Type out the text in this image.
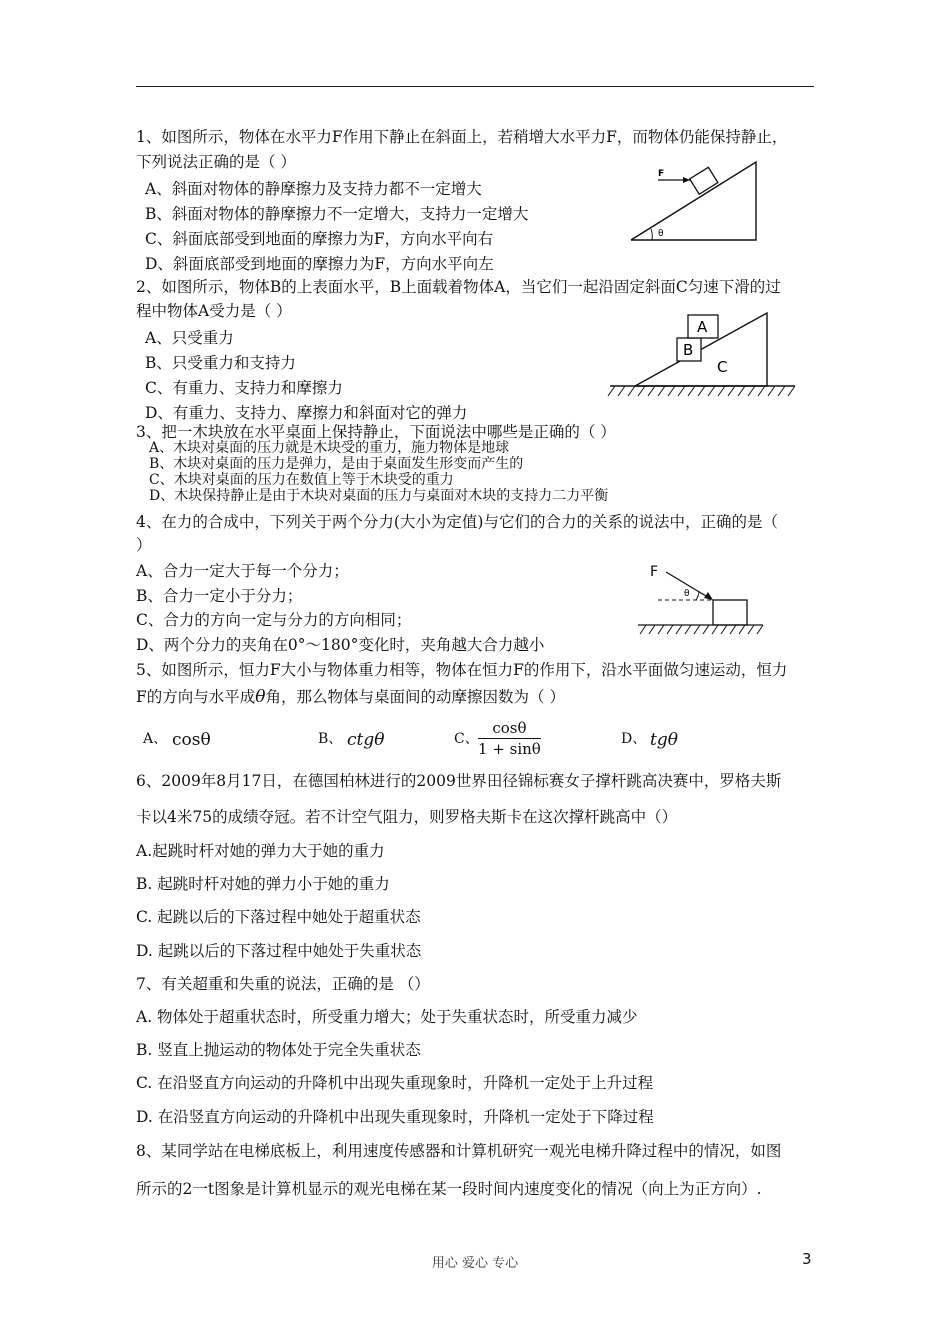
1、如图所示，物体在水平力F作用下静止在斜面上，若稍增大水平力F，而物体仍能保持静止，
下列说法正确的是（ ）
A、斜面对物体的静摩擦力及支持力都不一定增大
B、斜面对物体的静摩擦力不一定增大，支持力一定增大
C、斜面底部受到地面的摩擦力为F，方向水平向右
D、斜面底部受到地面的摩擦力为F，方向水平向左
F
θ
2、如图所示，物体B的上表面水平，B上面载着物体A，当它们一起沿固定斜面C匀速下滑的过
程中物体A受力是（ ）
A、只受重力
B、只受重力和支持力
C、有重力、支持力和摩擦力
D、有重力、支持力、摩擦力和斜面对它的弹力
A
B
C
3、把一木块放在水平桌面上保持静止，下面说法中哪些是正确的（ ）
A、木块对桌面的压力就是木块受的重力，施力物体是地球
B、木块对桌面的压力是弹力，是由于桌面发生形变而产生的
C、木块对桌面的压力在数值上等于木块受的重力
D、木块保持静止是由于木块对桌面的压力与桌面对木块的支持力二力平衡
4、在力的合成中，下列关于两个分力(大小为定值)与它们的合力的关系的说法中，正确的是（
）
A、合力一定大于每一个分力；
B、合力一定小于分力；
C、合力的方向一定与分力的方向相同；
D、两个分力的夹角在0°～180°变化时，夹角越大合力越小
F
θ
5、如图所示，恒力F大小与物体重力相等，物体在恒力F的作用下，沿水平面做匀速运动，恒力
F的方向与水平成θ角，那么物体与桌面间的动摩擦因数为（ ）
A、 cosθ	B、 ctgθ	C、 $\frac{\cos\theta}{1 + \sin\theta}$	D、 tgθ
6、2009年8月17日，在德国柏林进行的2009世界田径锦标赛女子撑杆跳高决赛中，罗格夫斯
卡以4米75的成绩夺冠。若不计空气阻力，则罗格夫斯卡在这次撑杆跳高中（）
A.起跳时杆对她的弹力大于她的重力
B. 起跳时杆对她的弹力小于她的重力
C. 起跳以后的下落过程中她处于超重状态
D. 起跳以后的下落过程中她处于失重状态
7、有关超重和失重的说法，正确的是 （）
A. 物体处于超重状态时，所受重力增大；处于失重状态时，所受重力减少
B. 竖直上抛运动的物体处于完全失重状态
C. 在沿竖直方向运动的升降机中出现失重现象时，升降机一定处于上升过程
D. 在沿竖直方向运动的升降机中出现失重现象时，升降机一定处于下降过程
8、某同学站在电梯底板上，利用速度传感器和计算机研究一观光电梯升降过程中的情况，如图
所示的2一t图象是计算机显示的观光电梯在某一段时间内速度变化的情况（向上为正方向）.
用心 爱心 专心	3
